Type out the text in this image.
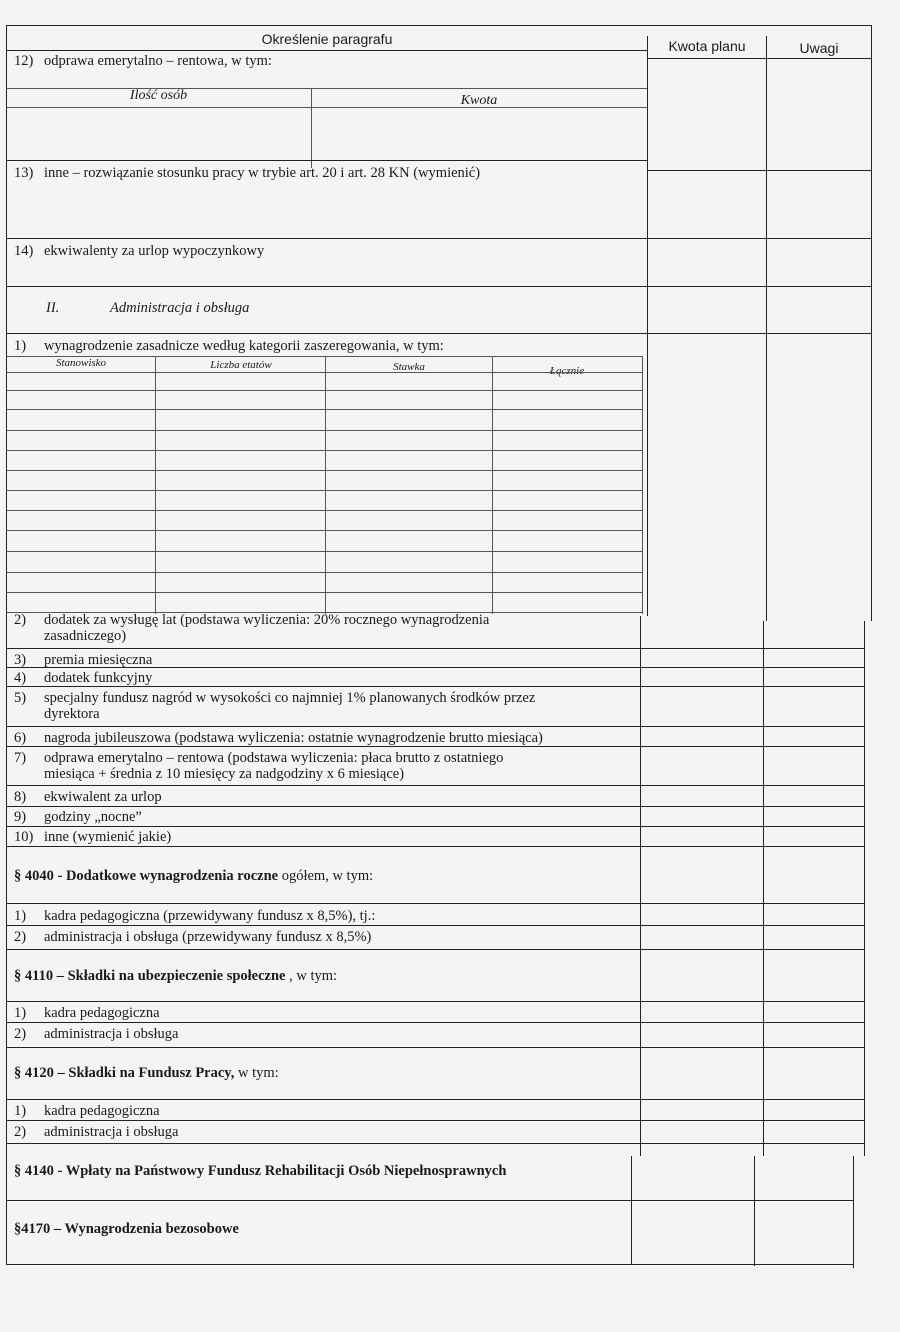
Określenie paragrafu	Kwota planu	Uwagi
12) odprawa emerytalno – rentowa, w tym:
Ilość osób	Kwota
13) inne – rozwiązanie stosunku pracy w trybie art. 20 i art. 28 KN (wymienić)
14) ekwiwalenty za urlop wypoczynkowy
II.	Administracja i obsługa
1) wynagrodzenie zasadnicze według kategorii zaszeregowania, w tym:
Stanowisko	Liczba etatów	Stawka	Łącznie
2) dodatek za wysługę lat (podstawa wyliczenia: 20% rocznego wynagrodzenia
zasadniczego)
3) premia miesięczna
4) dodatek funkcyjny
5) specjalny fundusz nagród w wysokości co najmniej 1% planowanych środków przez
dyrektora
6) nagroda jubileuszowa (podstawa wyliczenia: ostatnie wynagrodzenie brutto miesiąca)
7) odprawa emerytalno – rentowa (podstawa wyliczenia: płaca brutto z ostatniego
miesiąca + średnia z 10 miesięcy za nadgodziny x 6 miesiące)
8) ekwiwalent za urlop
9) godziny „nocne”
10) inne (wymienić jakie)
§ 4040 - Dodatkowe wynagrodzenia roczne ogółem, w tym:
1) kadra pedagogiczna (przewidywany fundusz x 8,5%), tj.:
2) administracja i obsługa (przewidywany fundusz x 8,5%)
§ 4110 – Składki na ubezpieczenie społeczne , w tym:
1) kadra pedagogiczna
2) administracja i obsługa
§ 4120 – Składki na Fundusz Pracy, w tym:
1) kadra pedagogiczna
2) administracja i obsługa
§ 4140 - Wpłaty na Państwowy Fundusz Rehabilitacji Osób Niepełnosprawnych
§4170 – Wynagrodzenia bezosobowe
